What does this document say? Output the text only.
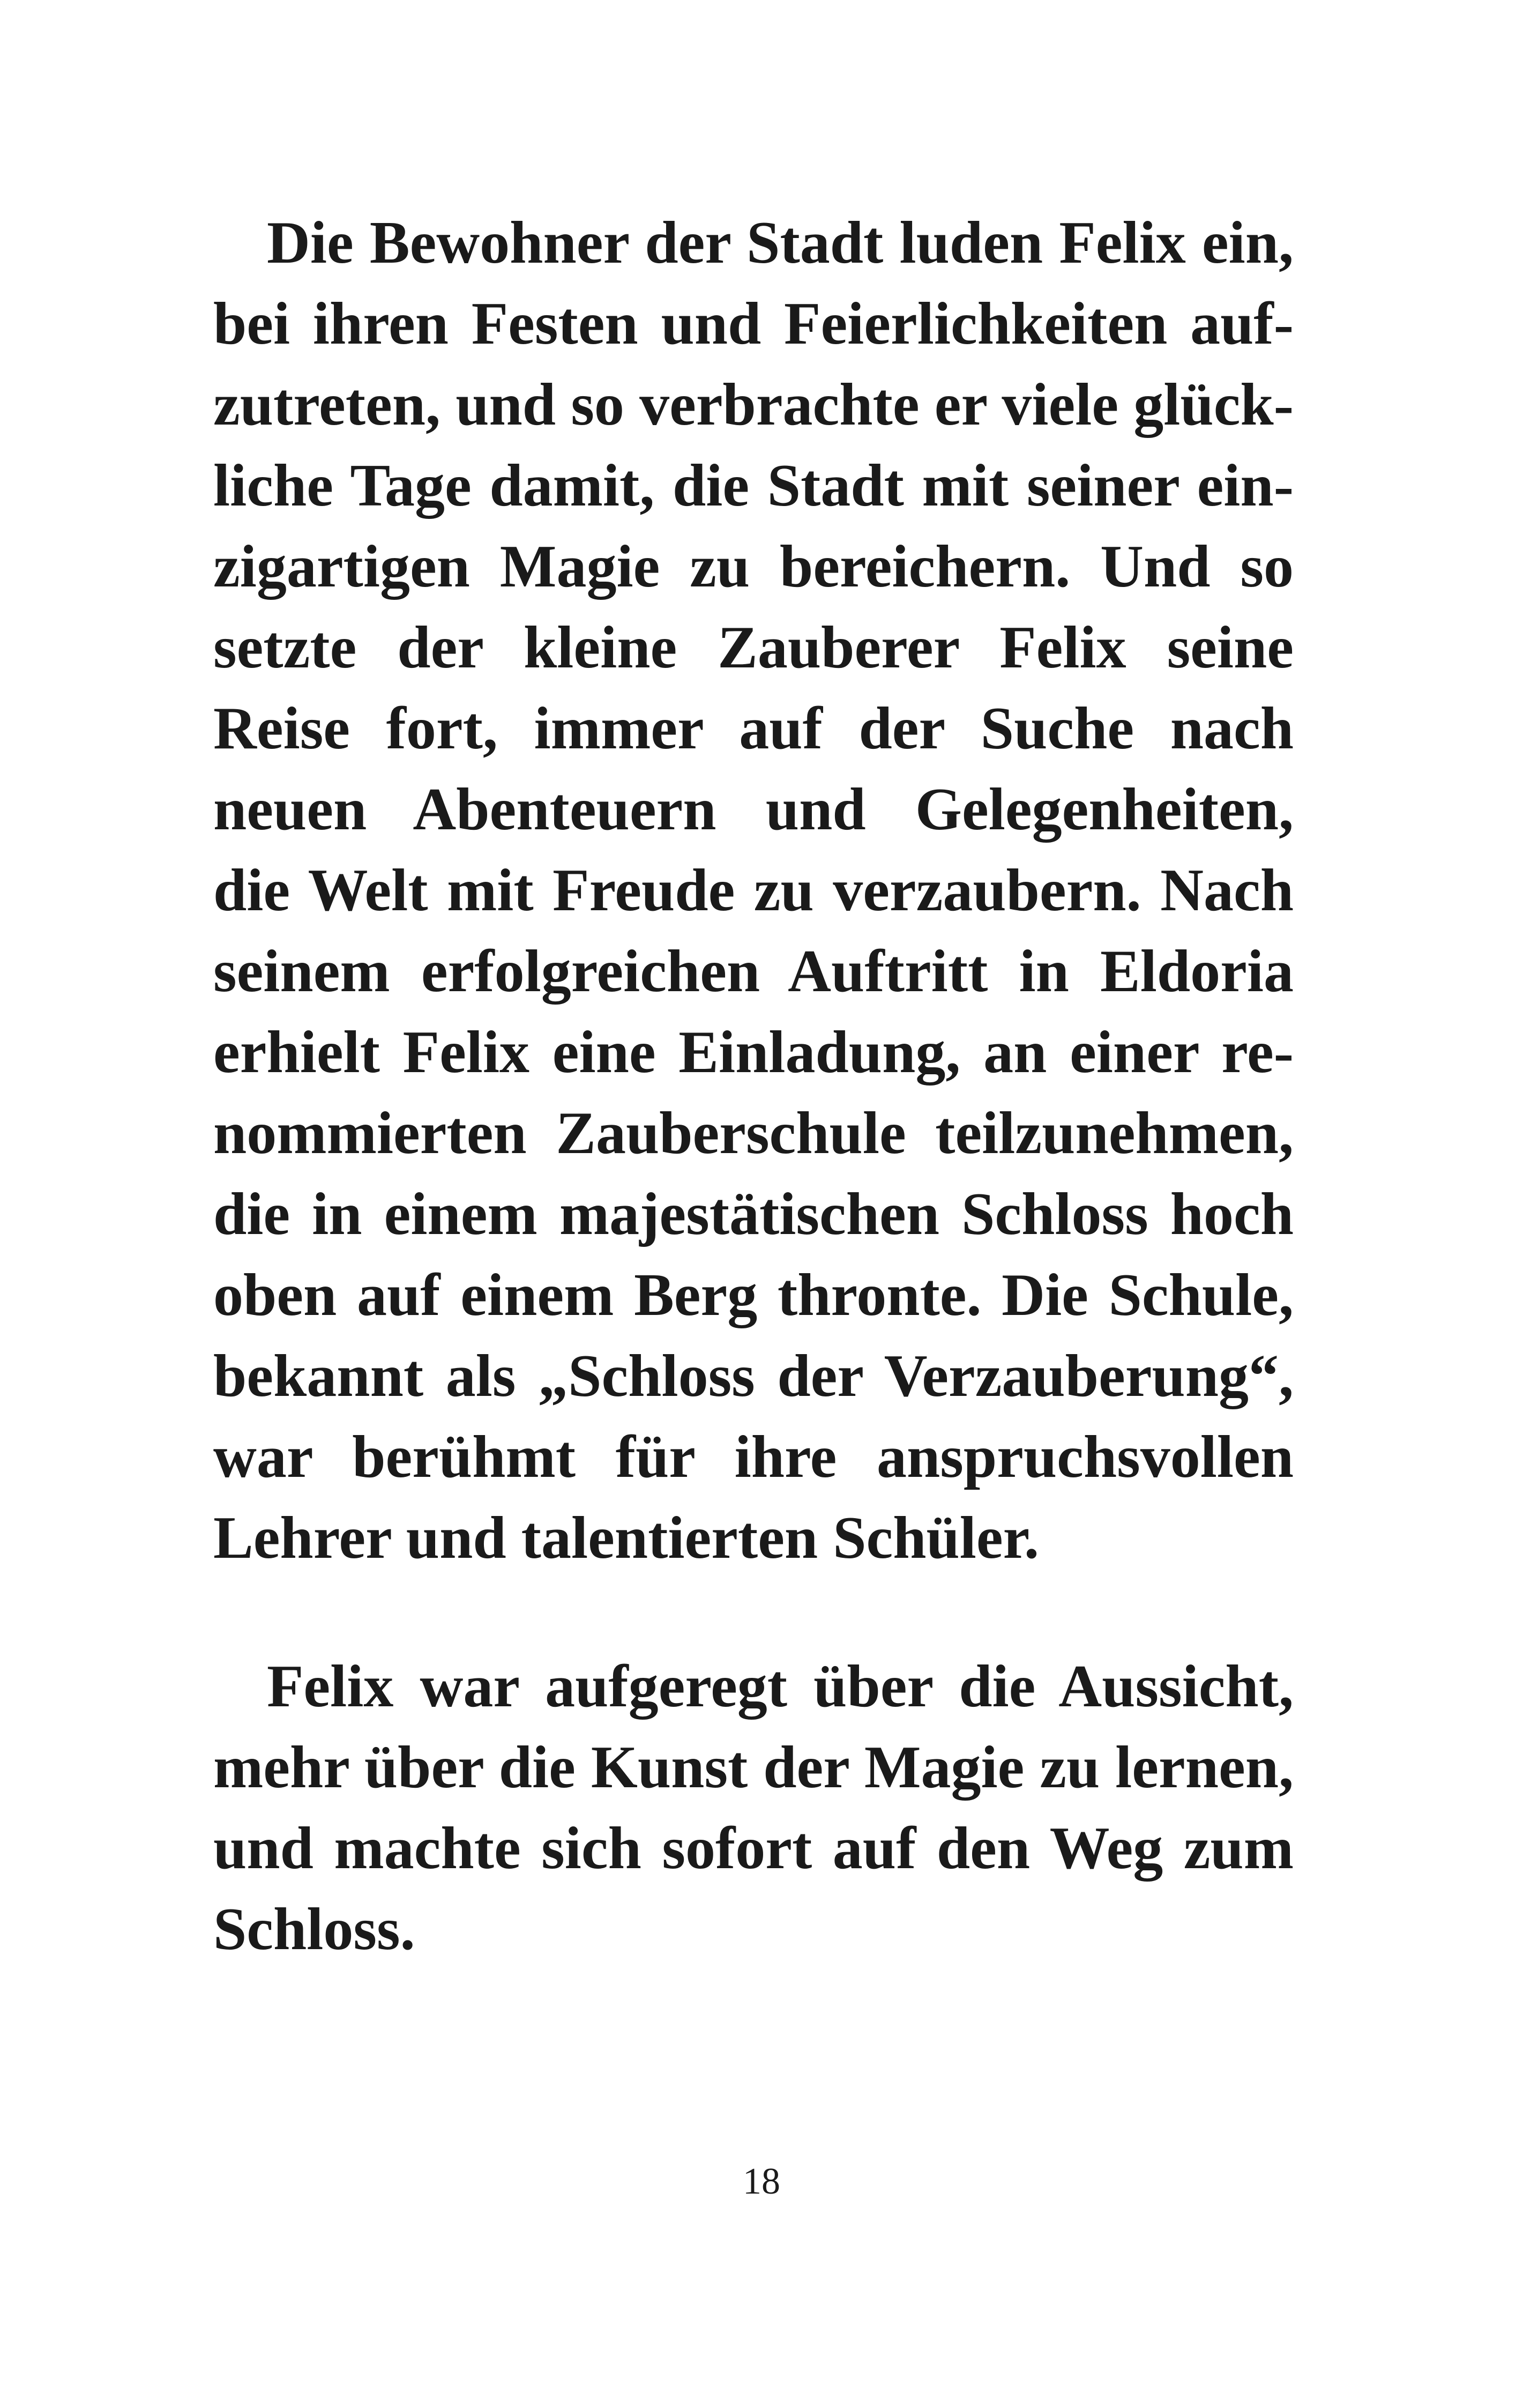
Die Bewohner der Stadt luden Felix ein,
bei ihren Festen und Feierlichkeiten auf-
zutreten, und so verbrachte er viele glück-
liche Tage damit, die Stadt mit seiner ein-
zigartigen Magie zu bereichern. Und so
setzte der kleine Zauberer Felix seine
Reise fort, immer auf der Suche nach
neuen Abenteuern und Gelegenheiten,
die Welt mit Freude zu verzaubern. Nach
seinem erfolgreichen Auftritt in Eldoria
erhielt Felix eine Einladung, an einer re-
nommierten Zauberschule teilzunehmen,
die in einem majestätischen Schloss hoch
oben auf einem Berg thronte. Die Schule,
bekannt als „Schloss der Verzauberung“,
war berühmt für ihre anspruchsvollen
Lehrer und talentierten Schüler.
Felix war aufgeregt über die Aussicht,
mehr über die Kunst der Magie zu lernen,
und machte sich sofort auf den Weg zum
Schloss.
18
